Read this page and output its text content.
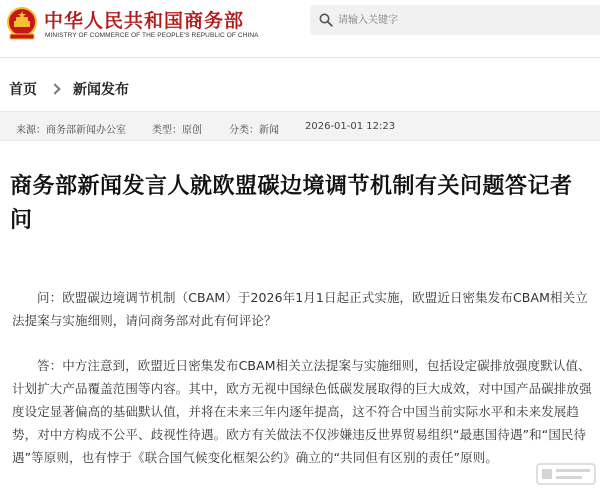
中华人民共和国商务部
MINISTRY OF COMMERCE OF THE PEOPLE'S REPUBLIC OF CHINA
请输入关键字
首页	新闻发布
来源：商务部新闻办公室	类型：原创	分类：新闻	2026-01-01 12:23
商务部新闻发言人就欧盟碳边境调节机制有关问题答记者问

问：欧盟碳边境调节机制（CBAM）于2026年1月1日起正式实施，欧盟近日密集发布CBAM相关立法提案与实施细则，请问商务部对此有何评论？

答：中方注意到，欧盟近日密集发布CBAM相关立法提案与实施细则，包括设定碳排放强度默认值、计划扩大产品覆盖范围等内容。其中，欧方无视中国绿色低碳发展取得的巨大成效，对中国产品碳排放强度设定显著偏高的基础默认值，并将在未来三年内逐年提高，这不符合中国当前实际水平和未来发展趋势，对中方构成不公平、歧视性待遇。欧方有关做法不仅涉嫌违反世界贸易组织“最惠国待遇”和“国民待遇”等原则，也有悖于《联合国气候变化框架公约》确立的“共同但有区别的责任”原则。
